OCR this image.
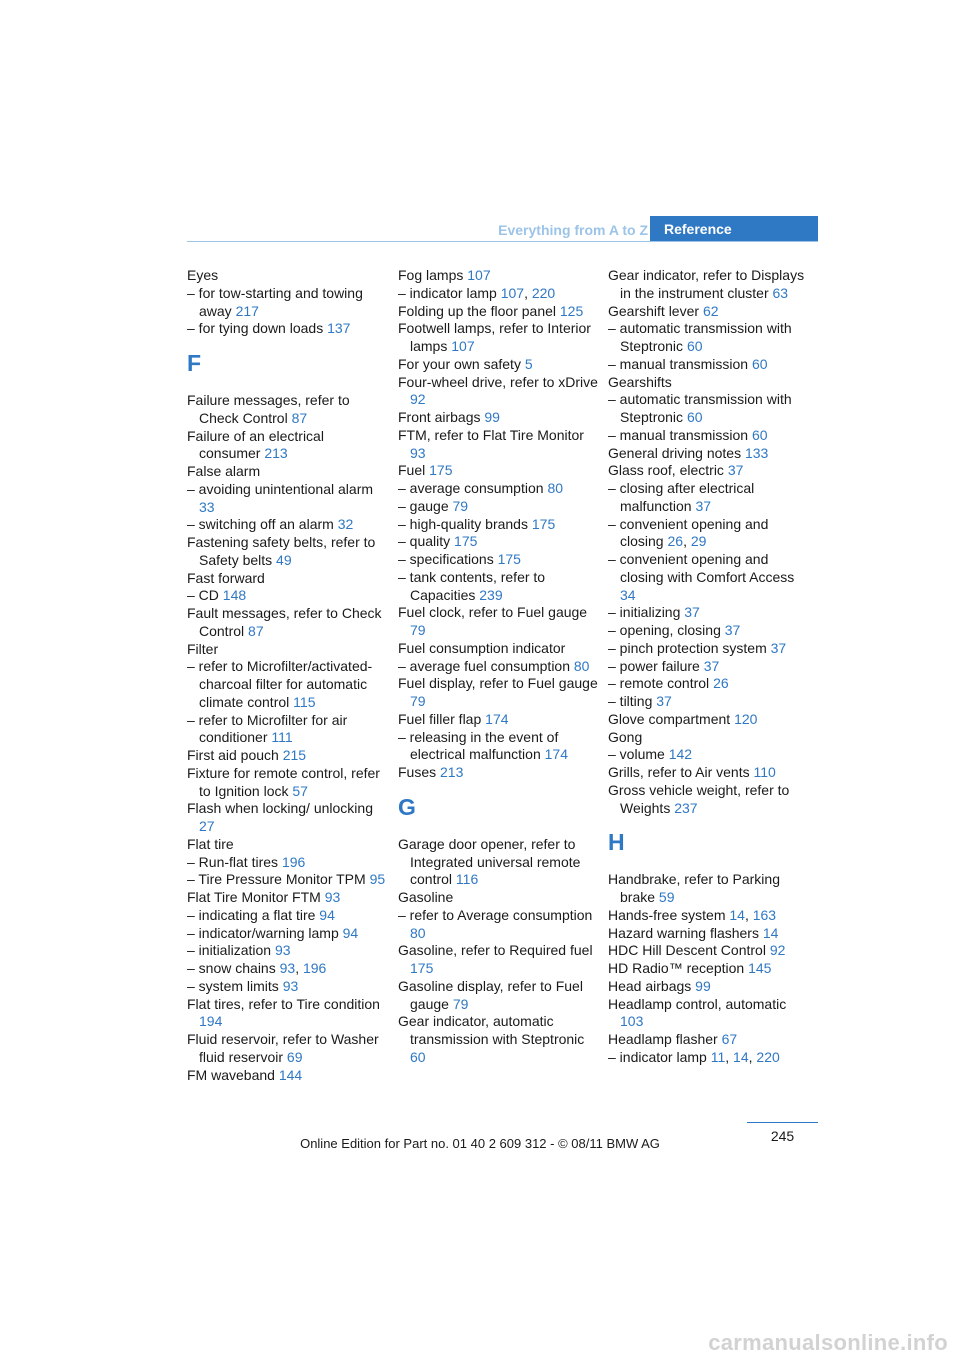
Everything from A to Z	Reference
Eyes
– for tow-starting and towing away 217
– for tying down loads 137
F
Failure messages, refer to Check Control 87
Failure of an electrical consumer 213
False alarm
– avoiding unintentional alarm 33
– switching off an alarm 32
Fastening safety belts, refer to Safety belts 49
Fast forward
– CD 148
Fault messages, refer to Check Control 87
Filter
– refer to Microfilter/activated-charcoal filter for automatic climate control 115
– refer to Microfilter for air conditioner 111
First aid pouch 215
Fixture for remote control, refer to Ignition lock 57
Flash when locking/ unlocking 27
Flat tire
– Run-flat tires 196
– Tire Pressure Monitor TPM 95
Flat Tire Monitor FTM 93
– indicating a flat tire 94
– indicator/warning lamp 94
– initialization 93
– snow chains 93, 196
– system limits 93
Flat tires, refer to Tire condition 194
Fluid reservoir, refer to Washer fluid reservoir 69
FM waveband 144
Fog lamps 107
– indicator lamp 107, 220
Folding up the floor panel 125
Footwell lamps, refer to Interior lamps 107
For your own safety 5
Four-wheel drive, refer to xDrive 92
Front airbags 99
FTM, refer to Flat Tire Monitor 93
Fuel 175
– average consumption 80
– gauge 79
– high-quality brands 175
– quality 175
– specifications 175
– tank contents, refer to Capacities 239
Fuel clock, refer to Fuel gauge 79
Fuel consumption indicator
– average fuel consumption 80
Fuel display, refer to Fuel gauge 79
Fuel filler flap 174
– releasing in the event of electrical malfunction 174
Fuses 213
G
Garage door opener, refer to Integrated universal remote control 116
Gasoline
– refer to Average consumption 80
Gasoline, refer to Required fuel 175
Gasoline display, refer to Fuel gauge 79
Gear indicator, automatic transmission with Steptronic 60
Gear indicator, refer to Displays in the instrument cluster 63
Gearshift lever 62
– automatic transmission with Steptronic 60
– manual transmission 60
Gearshifts
– automatic transmission with Steptronic 60
– manual transmission 60
General driving notes 133
Glass roof, electric 37
– closing after electrical malfunction 37
– convenient opening and closing 26, 29
– convenient opening and closing with Comfort Access 34
– initializing 37
– opening, closing 37
– pinch protection system 37
– power failure 37
– remote control 26
– tilting 37
Glove compartment 120
Gong
– volume 142
Grills, refer to Air vents 110
Gross vehicle weight, refer to Weights 237
H
Handbrake, refer to Parking brake 59
Hands-free system 14, 163
Hazard warning flashers 14
HDC Hill Descent Control 92
HD Radio™ reception 145
Head airbags 99
Headlamp control, automatic 103
Headlamp flasher 67
– indicator lamp 11, 14, 220
245
Online Edition for Part no. 01 40 2 609 312 - © 08/11 BMW AG
carmanualsonline.info
